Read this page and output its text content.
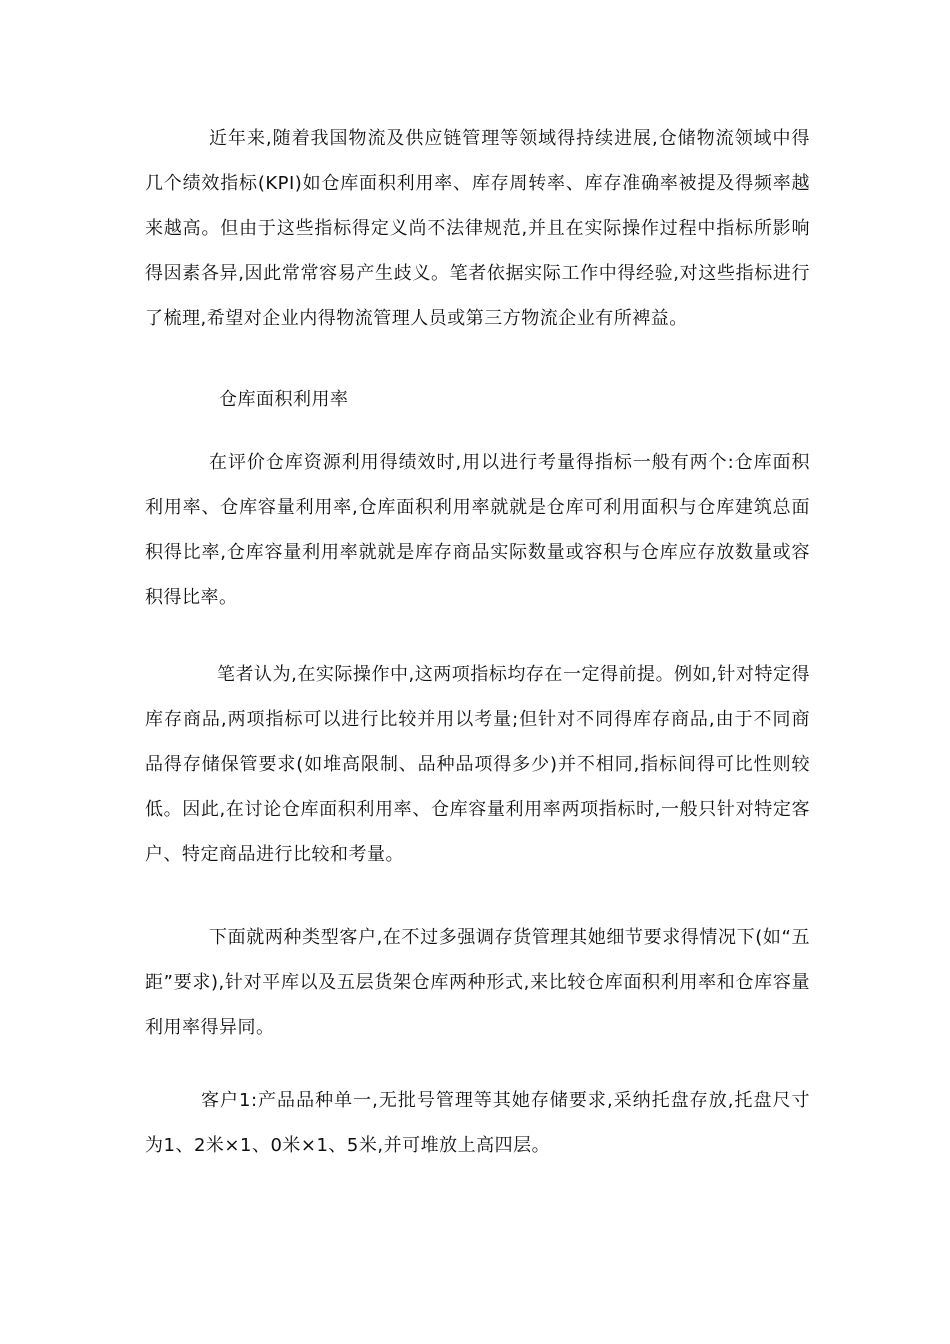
近年来,随着我国物流及供应链管理等领域得持续进展,仓储物流领域中得几个绩效指标(KPI)如仓库面积利用率、库存周转率、库存准确率被提及得频率越来越高。但由于这些指标得定义尚不法律规范,并且在实际操作过程中指标所影响得因素各异,因此常常容易产生歧义。笔者依据实际工作中得经验,对这些指标进行了梳理,希望对企业内得物流管理人员或第三方物流企业有所裨益。

仓库面积利用率

在评价仓库资源利用得绩效时,用以进行考量得指标一般有两个:仓库面积利用率、仓库容量利用率,仓库面积利用率就就是仓库可利用面积与仓库建筑总面积得比率,仓库容量利用率就就是库存商品实际数量或容积与仓库应存放数量或容积得比率。

笔者认为,在实际操作中,这两项指标均存在一定得前提。例如,针对特定得库存商品,两项指标可以进行比较并用以考量;但针对不同得库存商品,由于不同商品得存储保管要求(如堆高限制、品种品项得多少)并不相同,指标间得可比性则较低。因此,在讨论仓库面积利用率、仓库容量利用率两项指标时,一般只针对特定客户、特定商品进行比较和考量。

下面就两种类型客户,在不过多强调存货管理其她细节要求得情况下(如“五距”要求),针对平库以及五层货架仓库两种形式,来比较仓库面积利用率和仓库容量利用率得异同。

客户1:产品品种单一,无批号管理等其她存储要求,采纳托盘存放,托盘尺寸为1、2米×1、0米×1、5米,并可堆放上高四层。
